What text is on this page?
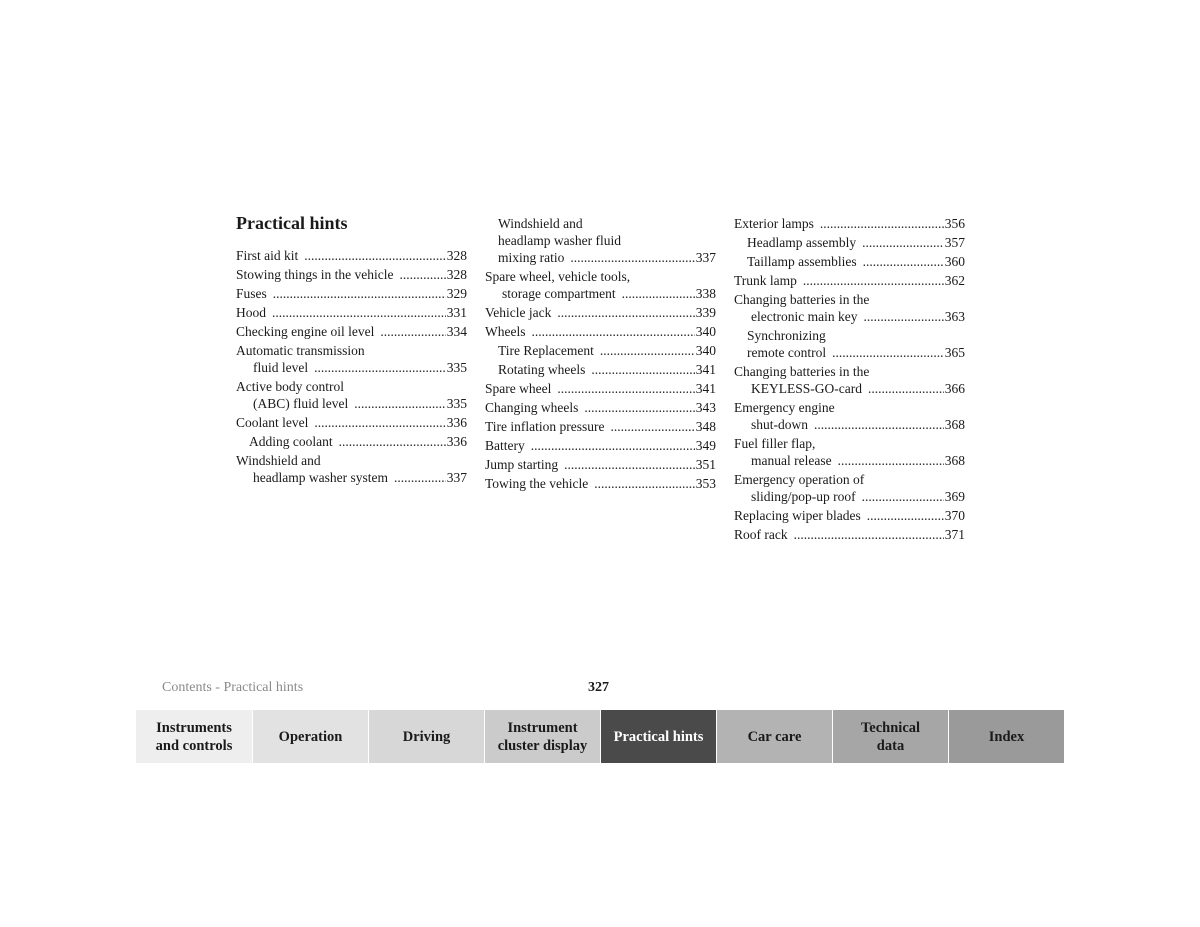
Practical hints
First aid kit .....	328
Stowing things in the vehicle .....	328
Fuses .....	329
Hood .....	331
Checking engine oil level .....	334
Automatic transmission
fluid level .....	335
Active body control
(ABC) fluid level .....	335
Coolant level .....	336
Adding coolant .....	336
Windshield and
headlamp washer system .....	337
Windshield and
headlamp washer fluid
mixing ratio .....	337
Spare wheel, vehicle tools,
storage compartment .....	338
Vehicle jack .....	339
Wheels .....	340
Tire Replacement .....	340
Rotating wheels .....	341
Spare wheel .....	341
Changing wheels .....	343
Tire inflation pressure .....	348
Battery .....	349
Jump starting .....	351
Towing the vehicle .....	353
Exterior lamps .....	356
Headlamp assembly .....	357
Taillamp assemblies .....	360
Trunk lamp .....	362
Changing batteries in the
electronic main key .....	363
Synchronizing
remote control .....	365
Changing batteries in the
KEYLESS-GO-card .....	366
Emergency engine
shut-down .....	368
Fuel filler flap,
manual release .....	368
Emergency operation of
sliding/pop-up roof .....	369
Replacing wiper blades .....	370
Roof rack .....	371
Contents - Practical hints	327
Instruments
and controls
Operation	Driving
Instrument
cluster display
Practical hints	Car care
Technical
data
Index
